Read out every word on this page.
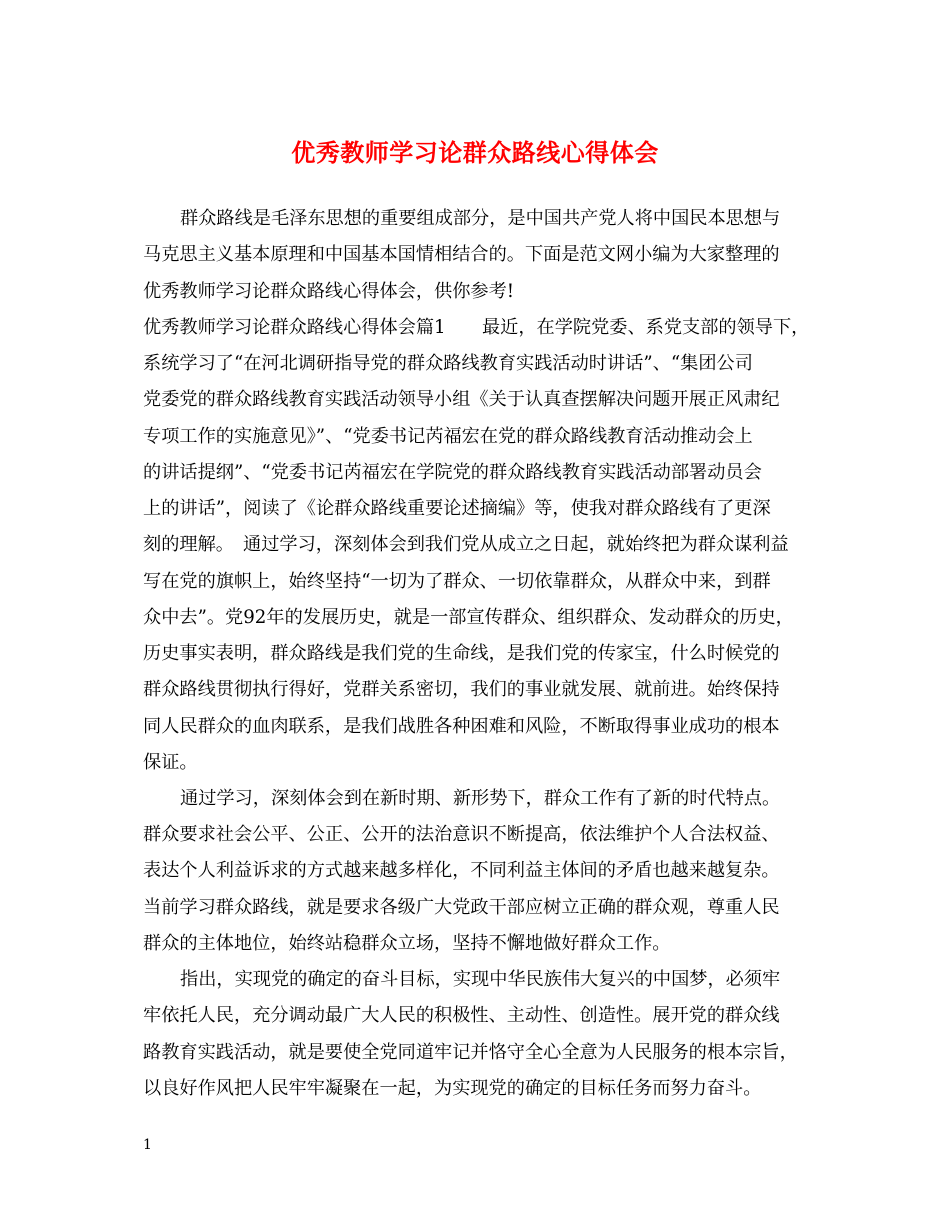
优秀教师学习论群众路线心得体会

群众路线是毛泽东思想的重要组成部分，是中国共产党人将中国民本思想与

马克思主义基本原理和中国基本国情相结合的。下面是范文网小编为大家整理的

优秀教师学习论群众路线心得体会，供你参考!

优秀教师学习论群众路线心得体会篇1　　最近，在学院党委、系党支部的领导下，

系统学习了“在河北调研指导党的群众路线教育实践活动时讲话”、“集团公司

党委党的群众路线教育实践活动领导小组《关于认真查摆解决问题开展正风肃纪

专项工作的实施意见》”、“党委书记芮福宏在党的群众路线教育活动推动会上

的讲话提纲”、“党委书记芮福宏在学院党的群众路线教育实践活动部署动员会

上的讲话”，阅读了《论群众路线重要论述摘编》等，使我对群众路线有了更深

刻的理解。　通过学习，深刻体会到我们党从成立之日起，就始终把为群众谋利益

写在党的旗帜上，始终坚持“一切为了群众、一切依靠群众，从群众中来，到群

众中去”。党92年的发展历史，就是一部宣传群众、组织群众、发动群众的历史，

历史事实表明，群众路线是我们党的生命线，是我们党的传家宝，什么时候党的

群众路线贯彻执行得好，党群关系密切，我们的事业就发展、就前进。始终保持

同人民群众的血肉联系，是我们战胜各种困难和风险，不断取得事业成功的根本

保证。

通过学习，深刻体会到在新时期、新形势下，群众工作有了新的时代特点。

群众要求社会公平、公正、公开的法治意识不断提高，依法维护个人合法权益、

表达个人利益诉求的方式越来越多样化，不同利益主体间的矛盾也越来越复杂。

当前学习群众路线，就是要求各级广大党政干部应树立正确的群众观，尊重人民

群众的主体地位，始终站稳群众立场，坚持不懈地做好群众工作。

指出，实现党的确定的奋斗目标，实现中华民族伟大复兴的中国梦，必须牢

牢依托人民，充分调动最广大人民的积极性、主动性、创造性。展开党的群众线

路教育实践活动，就是要使全党同道牢记并恪守全心全意为人民服务的根本宗旨，

以良好作风把人民牢牢凝聚在一起，为实现党的确定的目标任务而努力奋斗。

1
